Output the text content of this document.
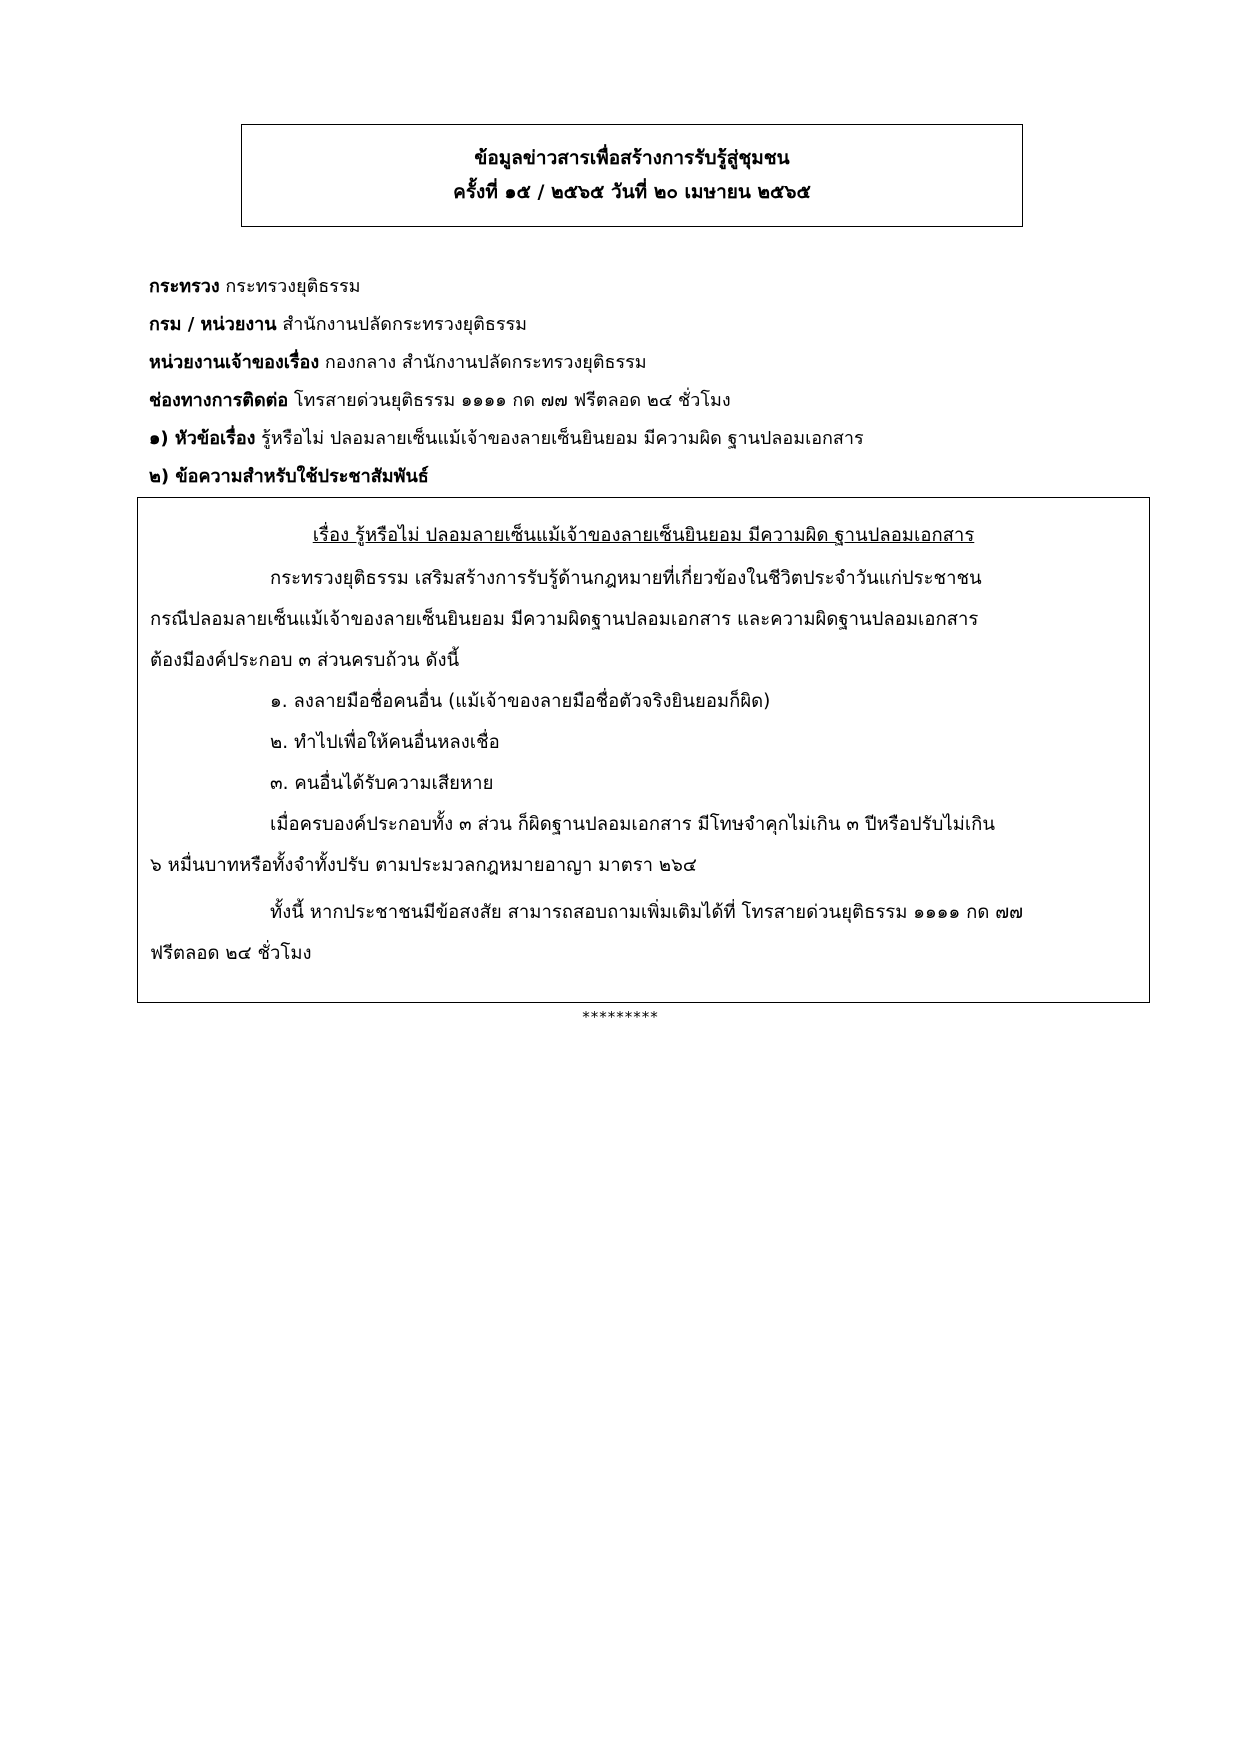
ข้อมูลข่าวสารเพื่อสร้างการรับรู้สู่ชุมชน
ครั้งที่ ๑๕ / ๒๕๖๕ วันที่ ๒๐ เมษายน ๒๕๖๕
กระทรวง กระทรวงยุติธรรม
กรม / หน่วยงาน สำนักงานปลัดกระทรวงยุติธรรม
หน่วยงานเจ้าของเรื่อง กองกลาง สำนักงานปลัดกระทรวงยุติธรรม
ช่องทางการติดต่อ โทรสายด่วนยุติธรรม ๑๑๑๑ กด ๗๗ ฟรีตลอด ๒๔ ชั่วโมง
๑) หัวข้อเรื่อง รู้หรือไม่ ปลอมลายเซ็นแม้เจ้าของลายเซ็นยินยอม มีความผิด ฐานปลอมเอกสาร
๒) ข้อความสำหรับใช้ประชาสัมพันธ์
เรื่อง รู้หรือไม่ ปลอมลายเซ็นแม้เจ้าของลายเซ็นยินยอม มีความผิด ฐานปลอมเอกสาร
กระทรวงยุติธรรม เสริมสร้างการรับรู้ด้านกฎหมายที่เกี่ยวข้องในชีวิตประจำวันแก่ประชาชน
กรณีปลอมลายเซ็นแม้เจ้าของลายเซ็นยินยอม มีความผิดฐานปลอมเอกสาร และความผิดฐานปลอมเอกสาร
ต้องมีองค์ประกอบ ๓ ส่วนครบถ้วน ดังนี้
๑. ลงลายมือชื่อคนอื่น (แม้เจ้าของลายมือชื่อตัวจริงยินยอมก็ผิด)
๒. ทำไปเพื่อให้คนอื่นหลงเชื่อ
๓. คนอื่นได้รับความเสียหาย
เมื่อครบองค์ประกอบทั้ง ๓ ส่วน ก็ผิดฐานปลอมเอกสาร มีโทษจำคุกไม่เกิน ๓ ปีหรือปรับไม่เกิน
๖ หมื่นบาทหรือทั้งจำทั้งปรับ ตามประมวลกฎหมายอาญา มาตรา ๒๖๔
ทั้งนี้ หากประชาชนมีข้อสงสัย สามารถสอบถามเพิ่มเติมได้ที่ โทรสายด่วนยุติธรรม ๑๑๑๑ กด ๗๗
ฟรีตลอด ๒๔ ชั่วโมง
*********
